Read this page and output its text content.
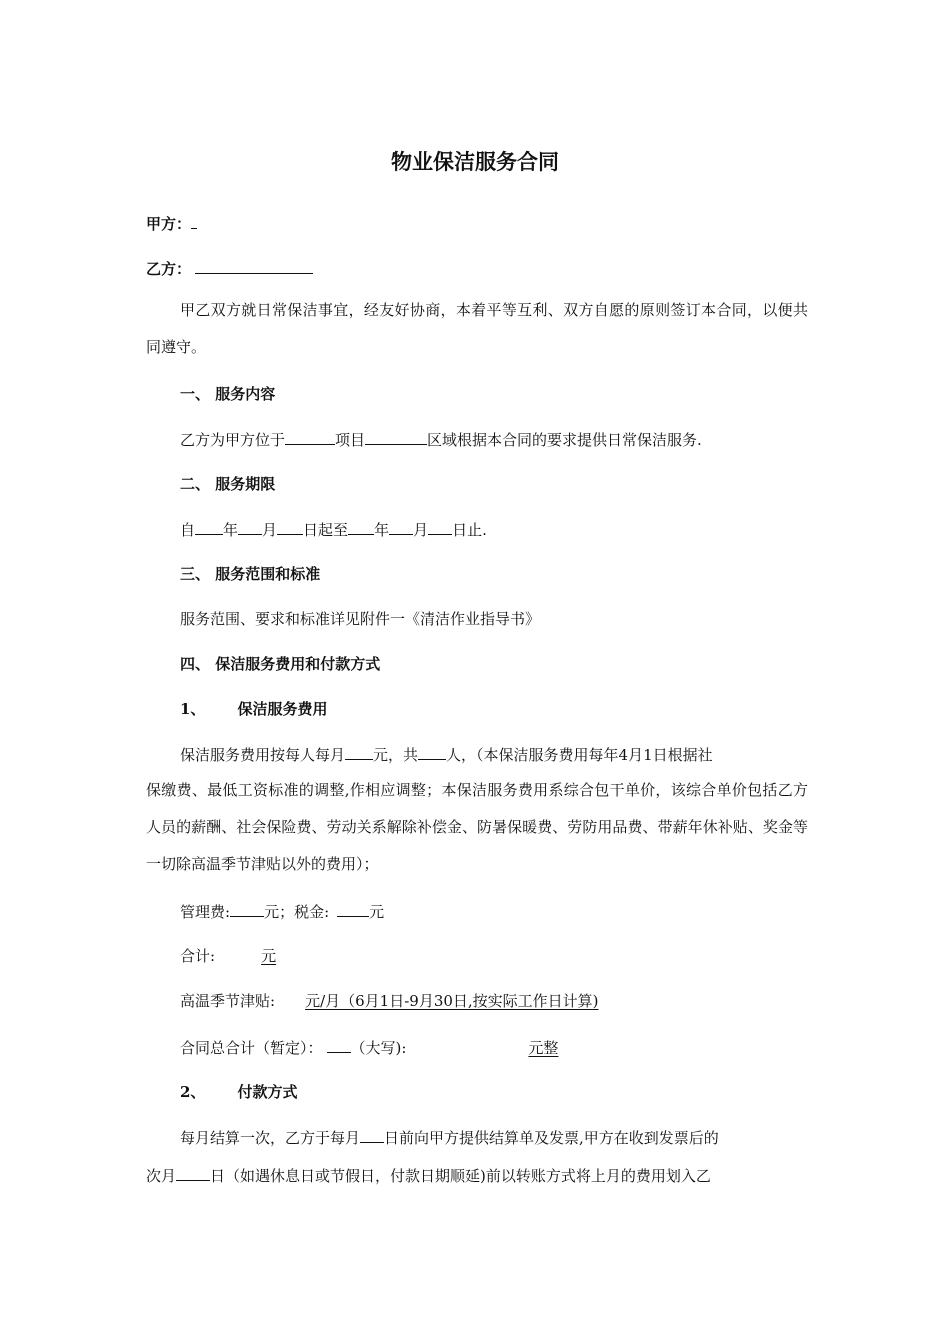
物业保洁服务合同
甲方：
乙方：
甲乙双方就日常保洁事宜，经友好协商，本着平等互利、双方自愿的原则签订本合同，以便共同遵守。
一、 服务内容
乙方为甲方位于	项目	区域根据本合同的要求提供日常保洁服务.
二、 服务期限
自 年 月 日起至 年 月 日止.
三、 服务范围和标准
服务范围、要求和标准详见附件一《清洁作业指导书》
四、 保洁服务费用和付款方式
1、 保洁服务费用
保洁服务费用按每人每月 元，共 人，（本保洁服务费用每年4月1日根据社
保缴费、最低工资标准的调整,作相应调整；本保洁服务费用系综合包干单价，该综合单价包括乙方人员的薪酬、社会保险费、劳动关系解除补偿金、防暑保暖费、劳防用品费、带薪年休补贴、奖金等一切除高温季节津贴以外的费用）；
管理费: 元；税金:	元
合计:	元
高温季节津贴: 元/月（6月1日-9月30日,按实际工作日计算)
合同总合计（暂定）： （大写):	元整
2、 付款方式
每月结算一次，乙方于每月 日前向甲方提供结算单及发票,甲方在收到发票后的
次月 日（如遇休息日或节假日，付款日期顺延)前以转账方式将上月的费用划入乙
